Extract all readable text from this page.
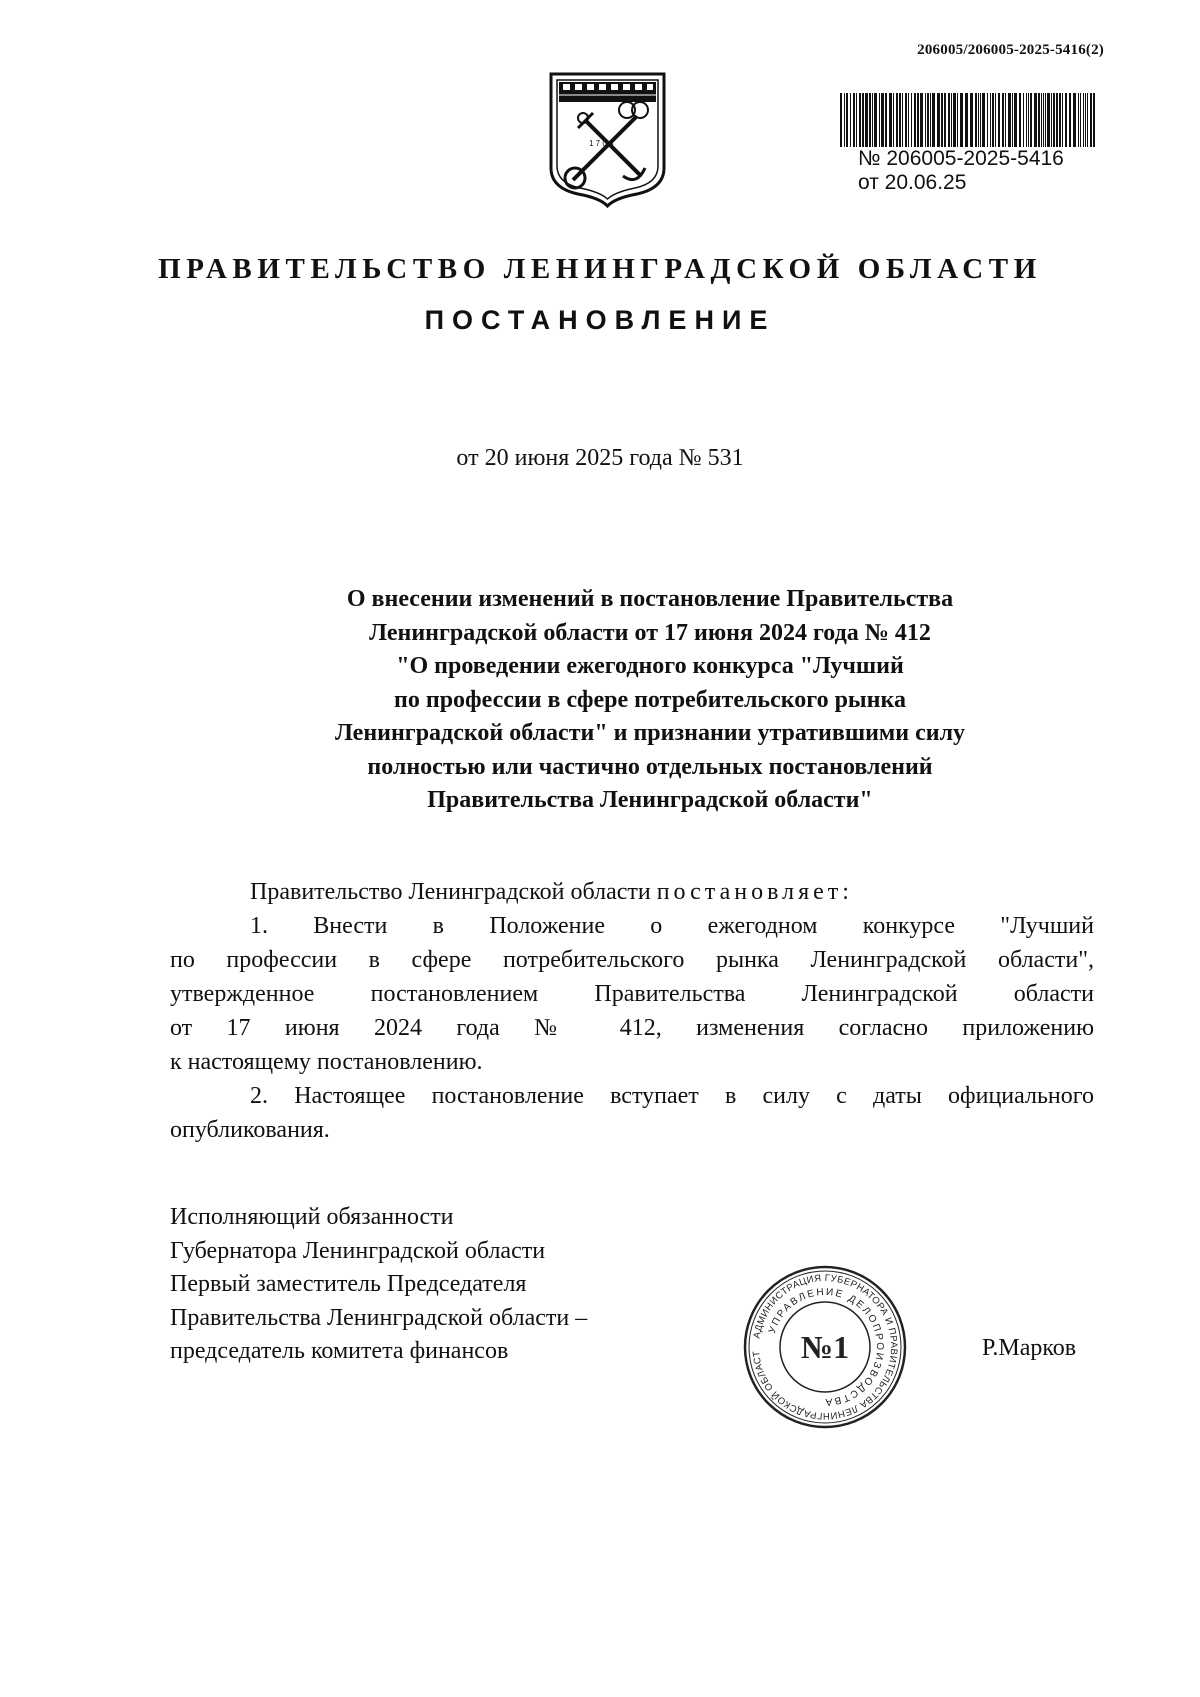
206005/206005-2025-5416(2)
1 7 0 3
№ 206005-2025-5416
от 20.06.25
ПРАВИТЕЛЬСТВО ЛЕНИНГРАДСКОЙ ОБЛАСТИ
ПОСТАНОВЛЕНИЕ
от 20 июня 2025 года № 531
О внесении изменений в постановление Правительства
Ленинградской области от 17 июня 2024 года № 412
"О проведении ежегодного конкурса "Лучший
по профессии в сфере потребительского рынка
Ленинградской области" и признании утратившими силу
полностью или частично отдельных постановлений
Правительства Ленинградской области"

Правительство Ленинградской области постановляет:

1. Внести в Положение о ежегодном конкурсе "Лучший

по профессии в сфере потребительского рынка Ленинградской области",

утвержденное постановлением Правительства Ленинградской области

от 17 июня 2024 года № 412, изменения согласно приложению

к настоящему постановлению.

2. Настоящее постановление вступает в силу с даты официального

опубликования.

Исполняющий обязанности
Губернатора Ленинградской области
Первый заместитель Председателя
Правительства Ленинградской области –
председатель комитета финансов
АДМИНИСТРАЦИЯ ГУБЕРНАТОРА И ПРАВИТЕЛЬСТВА ЛЕНИНГРАДСКОЙ ОБЛАСТ
УПРАВЛЕНИЕ ДЕЛОПРОИЗВОДСТВА
№1	Р.Марков
